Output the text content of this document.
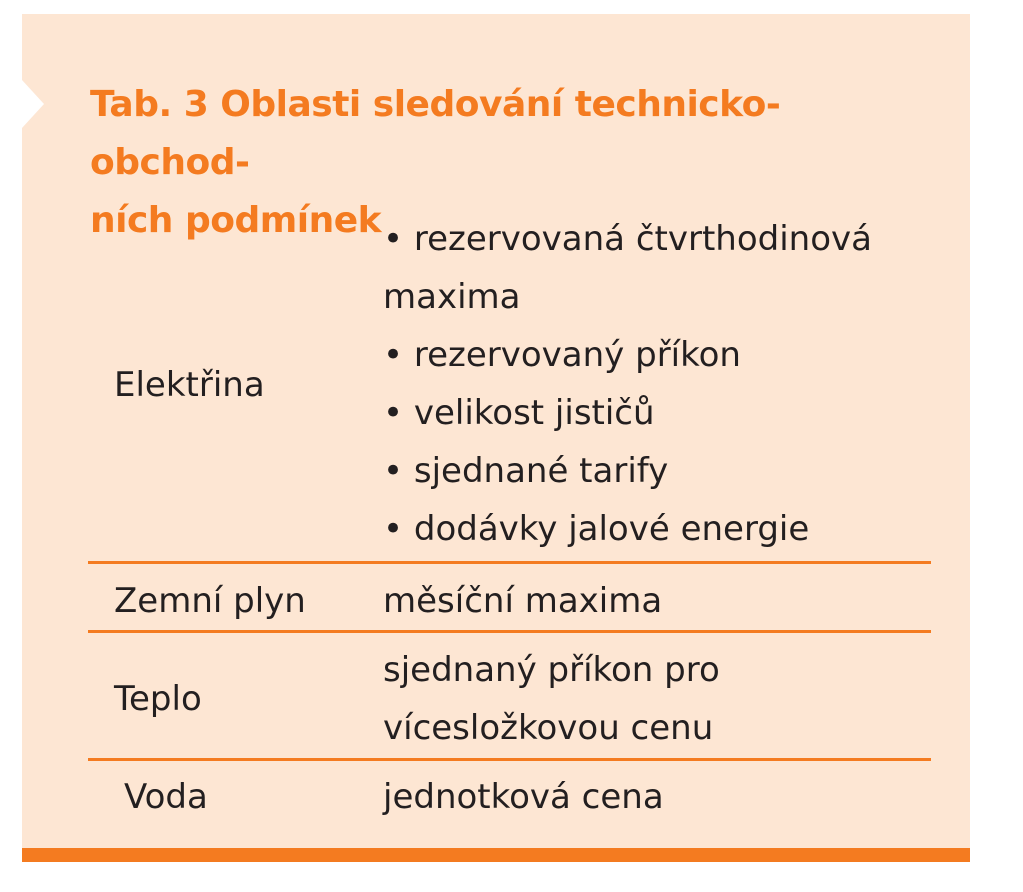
Tab. 3 Oblasti sledování technicko-obchod-
ních podmínek
Elektřina
• rezervovaná čtvrthodinová
maxima
• rezervovaný příkon
• velikost jističů
• sjednané tarify
• dodávky jalové energie
Zemní plyn měsíční maxima
Teplo
sjednaný příkon pro
vícesložkovou cenu
Voda	jednotková cena
